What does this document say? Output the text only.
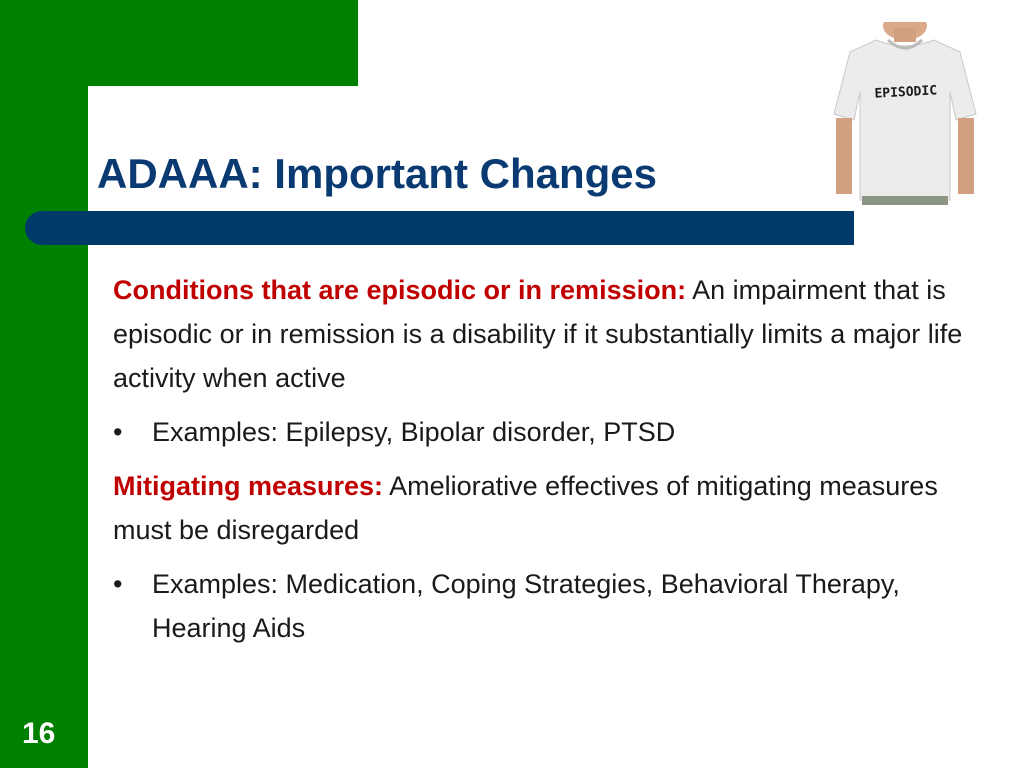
ADAAA: Important Changes
EPISODIC

Conditions that are episodic or in remission: An impairment that is episodic or in remission is a disability if it substantially limits a major life activity when active

• Examples: Epilepsy, Bipolar disorder, PTSD

Mitigating measures: Ameliorative effectives of mitigating measures must be disregarded

• Examples: Medication, Coping Strategies, Behavioral Therapy, Hearing Aids

16
